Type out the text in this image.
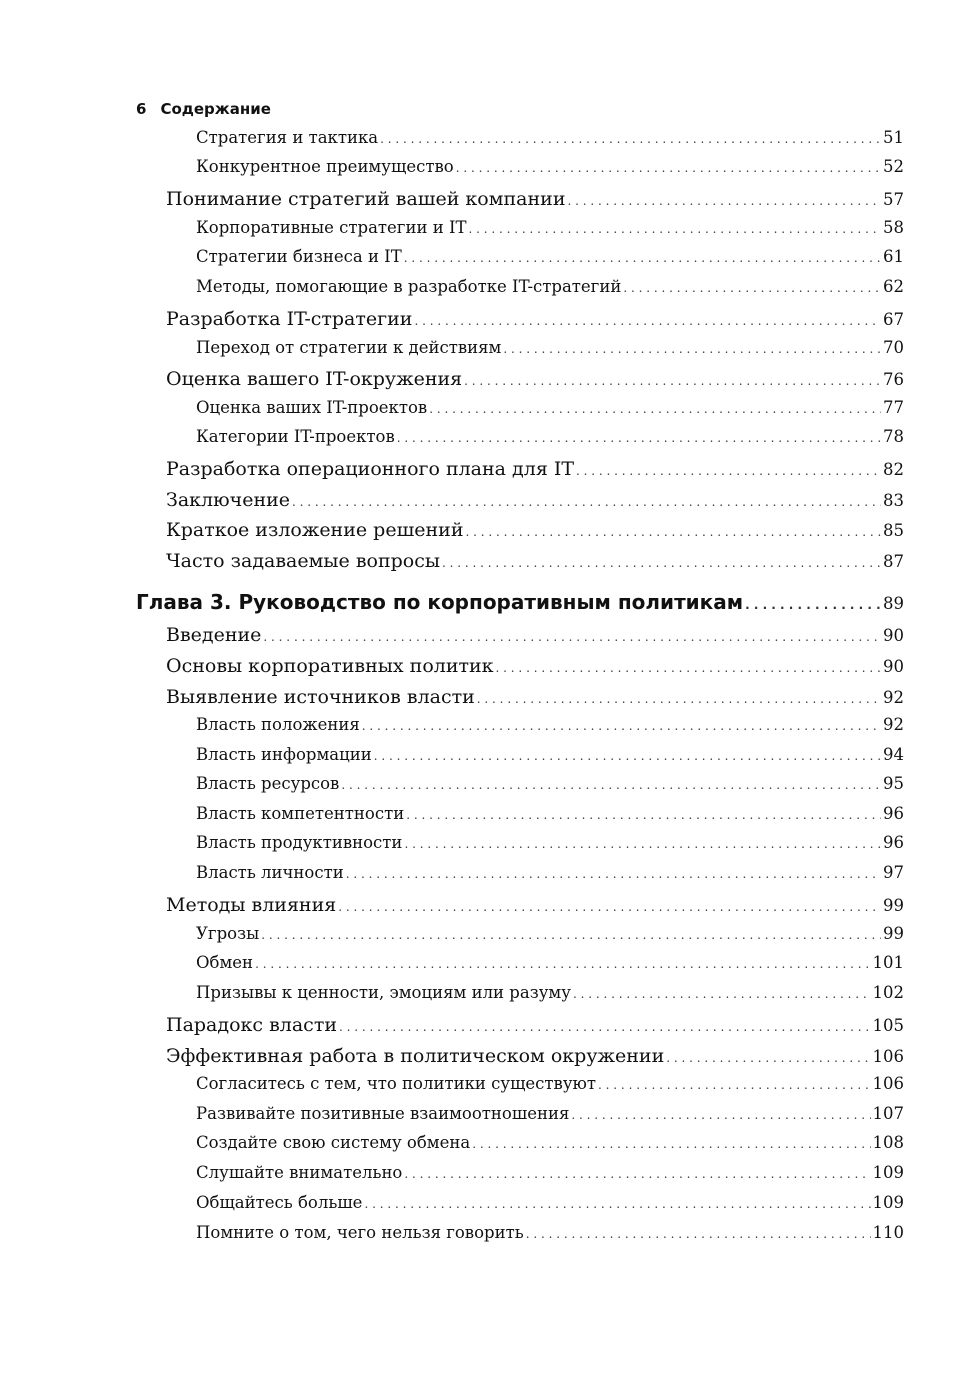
6 Содержание
Стратегия и тактика . . .	51
Конкурентное преимущество . . .	52
Понимание стратегий вашей компании . . .	57
Корпоративные стратегии и IT . . .	58
Стратегии бизнеса и IT . . .	61
Методы, помогающие в разработке IT-стратегий . . .	62
Разработка IT-стратегии . . .	67
Переход от стратегии к действиям . . .	70
Оценка вашего IT-окружения . . .	76
Оценка ваших IT-проектов . . .	77
Категории IT-проектов . . .	78
Разработка операционного плана для IT . . .	82
Заключение . . .	83
Краткое изложение решений . . .	85
Часто задаваемые вопросы . . .	87
Глава 3. Руководство по корпоративным политикам . . .	89
Введение . . .	90
Основы корпоративных политик . . .	90
Выявление источников власти . . .	92
Власть положения . . .	92
Власть информации . . .	94
Власть ресурсов . . .	95
Власть компетентности . . .	96
Власть продуктивности . . .	96
Власть личности . . .	97
Методы влияния . . .	99
Угрозы . . .	99
Обмен . . .	101
Призывы к ценности, эмоциям или разуму . . .	102
Парадокс власти . . .	105
Эффективная работа в политическом окружении . . .	106
Согласитесь с тем, что политики существуют . . .	106
Развивайте позитивные взаимоотношения . . .	107
Создайте свою систему обмена . . .	108
Слушайте внимательно . . .	109
Общайтесь больше . . .	109
Помните о том, чего нельзя говорить . . .	110
